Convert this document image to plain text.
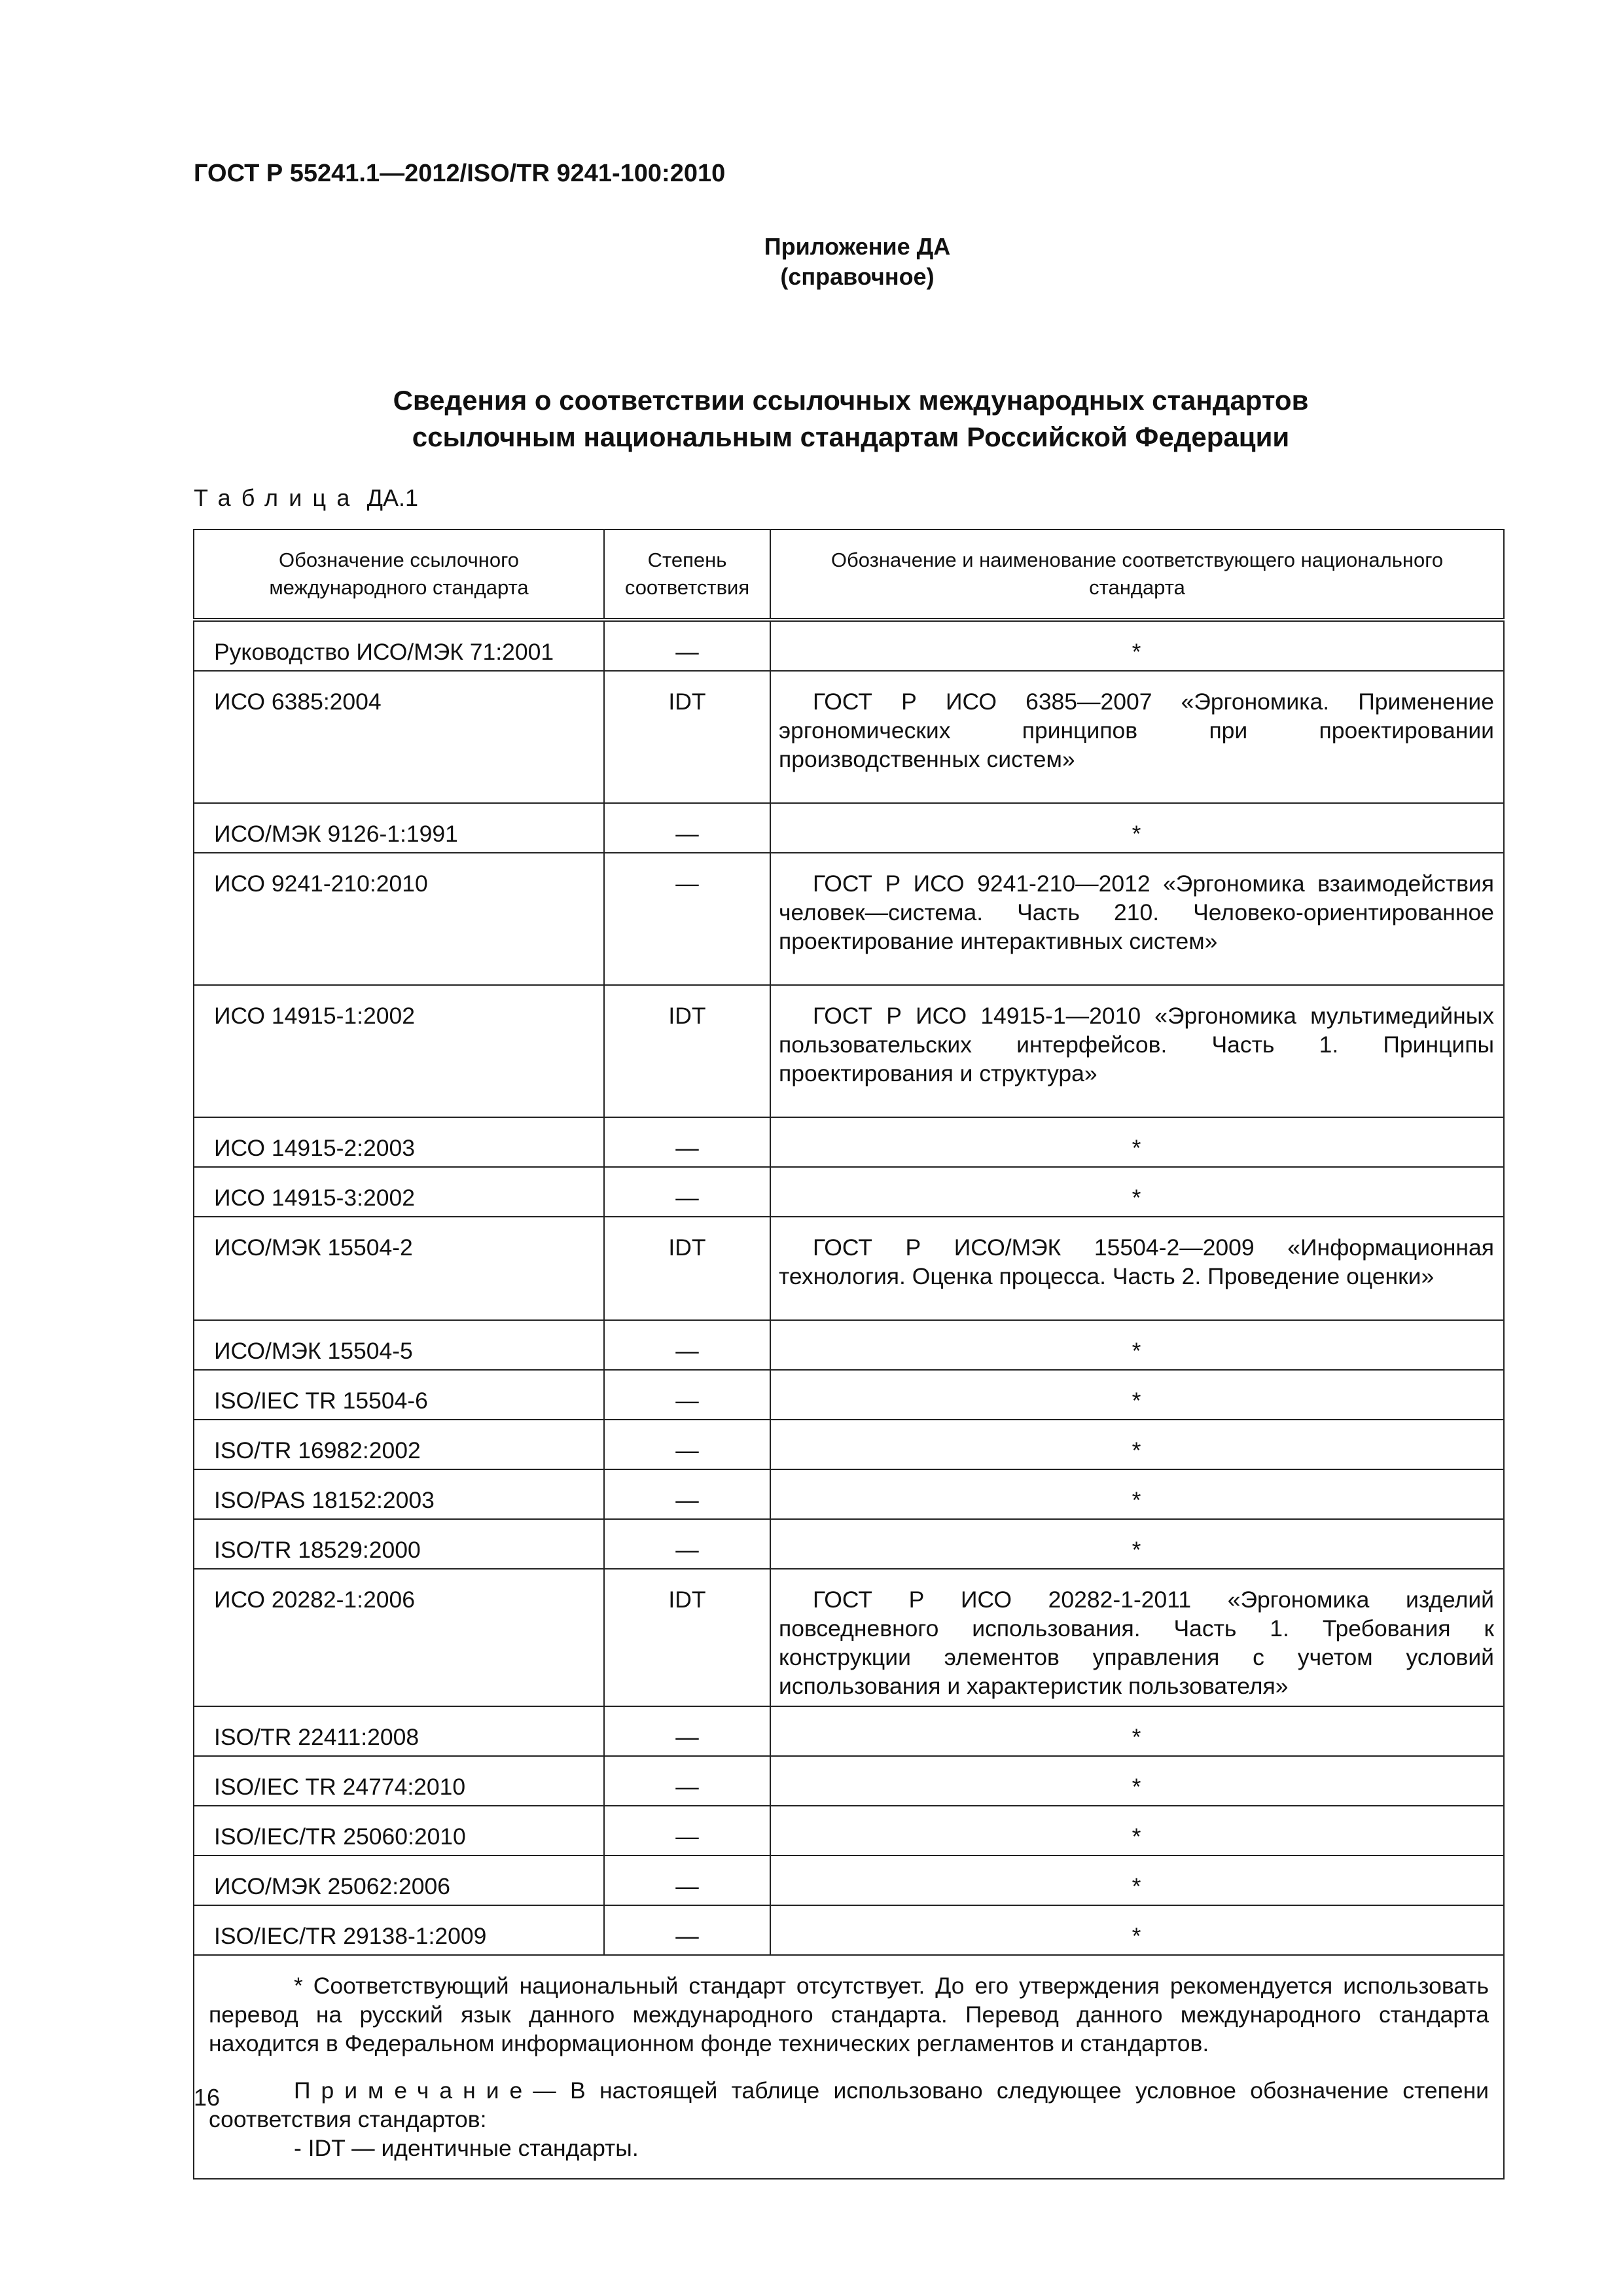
ГОСТ Р 55241.1—2012/ISO/TR 9241-100:2010
Приложение ДА
(справочное)
Сведения о соответствии ссылочных международных стандартов
ссылочным национальным стандартам Российской Федерации
Таблица ДА.1
Обозначение ссылочного международного стандарта	Степень соответствия	Обозначение и наименование соответствующего национального стандарта
Руководство ИСО/МЭК 71:2001	—	*
ИСО 6385:2004	IDT	ГОСТ Р ИСО 6385—2007 «Эргономика. Применение эргономических принципов при проектировании производственных систем»
ИСО/МЭК 9126-1:1991	—	*
ИСО 9241-210:2010	—	ГОСТ Р ИСО 9241-210—2012 «Эргономика взаимодействия человек—система. Часть 210. Человеко-ориентированное проектирование интерактивных систем»
ИСО 14915-1:2002	IDT	ГОСТ Р ИСО 14915-1—2010 «Эргономика мультимедийных пользовательских интерфейсов. Часть 1. Принципы проектирования и структура»
ИСО 14915-2:2003	—	*
ИСО 14915-3:2002	—	*
ИСО/МЭК 15504-2	IDT	ГОСТ Р ИСО/МЭК 15504-2—2009 «Информационная технология. Оценка процесса. Часть 2. Проведение оценки»
ИСО/МЭК 15504-5	—	*
ISO/IEC TR 15504-6	—	*
ISO/TR 16982:2002	—	*
ISO/PAS 18152:2003	—	*
ISO/TR 18529:2000	—	*
ИСО 20282-1:2006	IDT	ГОСТ Р ИСО 20282-1-2011 «Эргономика изделий повседневного использования. Часть 1. Требования к конструкции элементов управления с учетом условий использования и характеристик пользователя»
ISO/TR 22411:2008	—	*
ISO/IEC TR 24774:2010	—	*
ISO/IEC/TR 25060:2010	—	*
ИСО/МЭК 25062:2006	—	*
ISO/IEC/TR 29138-1:2009	—	*

* Соответствующий национальный стандарт отсутствует. До его утверждения рекомендуется использовать перевод на русский язык данного международного стандарта. Перевод данного международного стандарта находится в Федеральном информационном фонде технических регламентов и стандартов.

Примечание— В настоящей таблице использовано следующее условное обозначение степени соответствия стандартов:

- IDT — идентичные стандарты.		

16
